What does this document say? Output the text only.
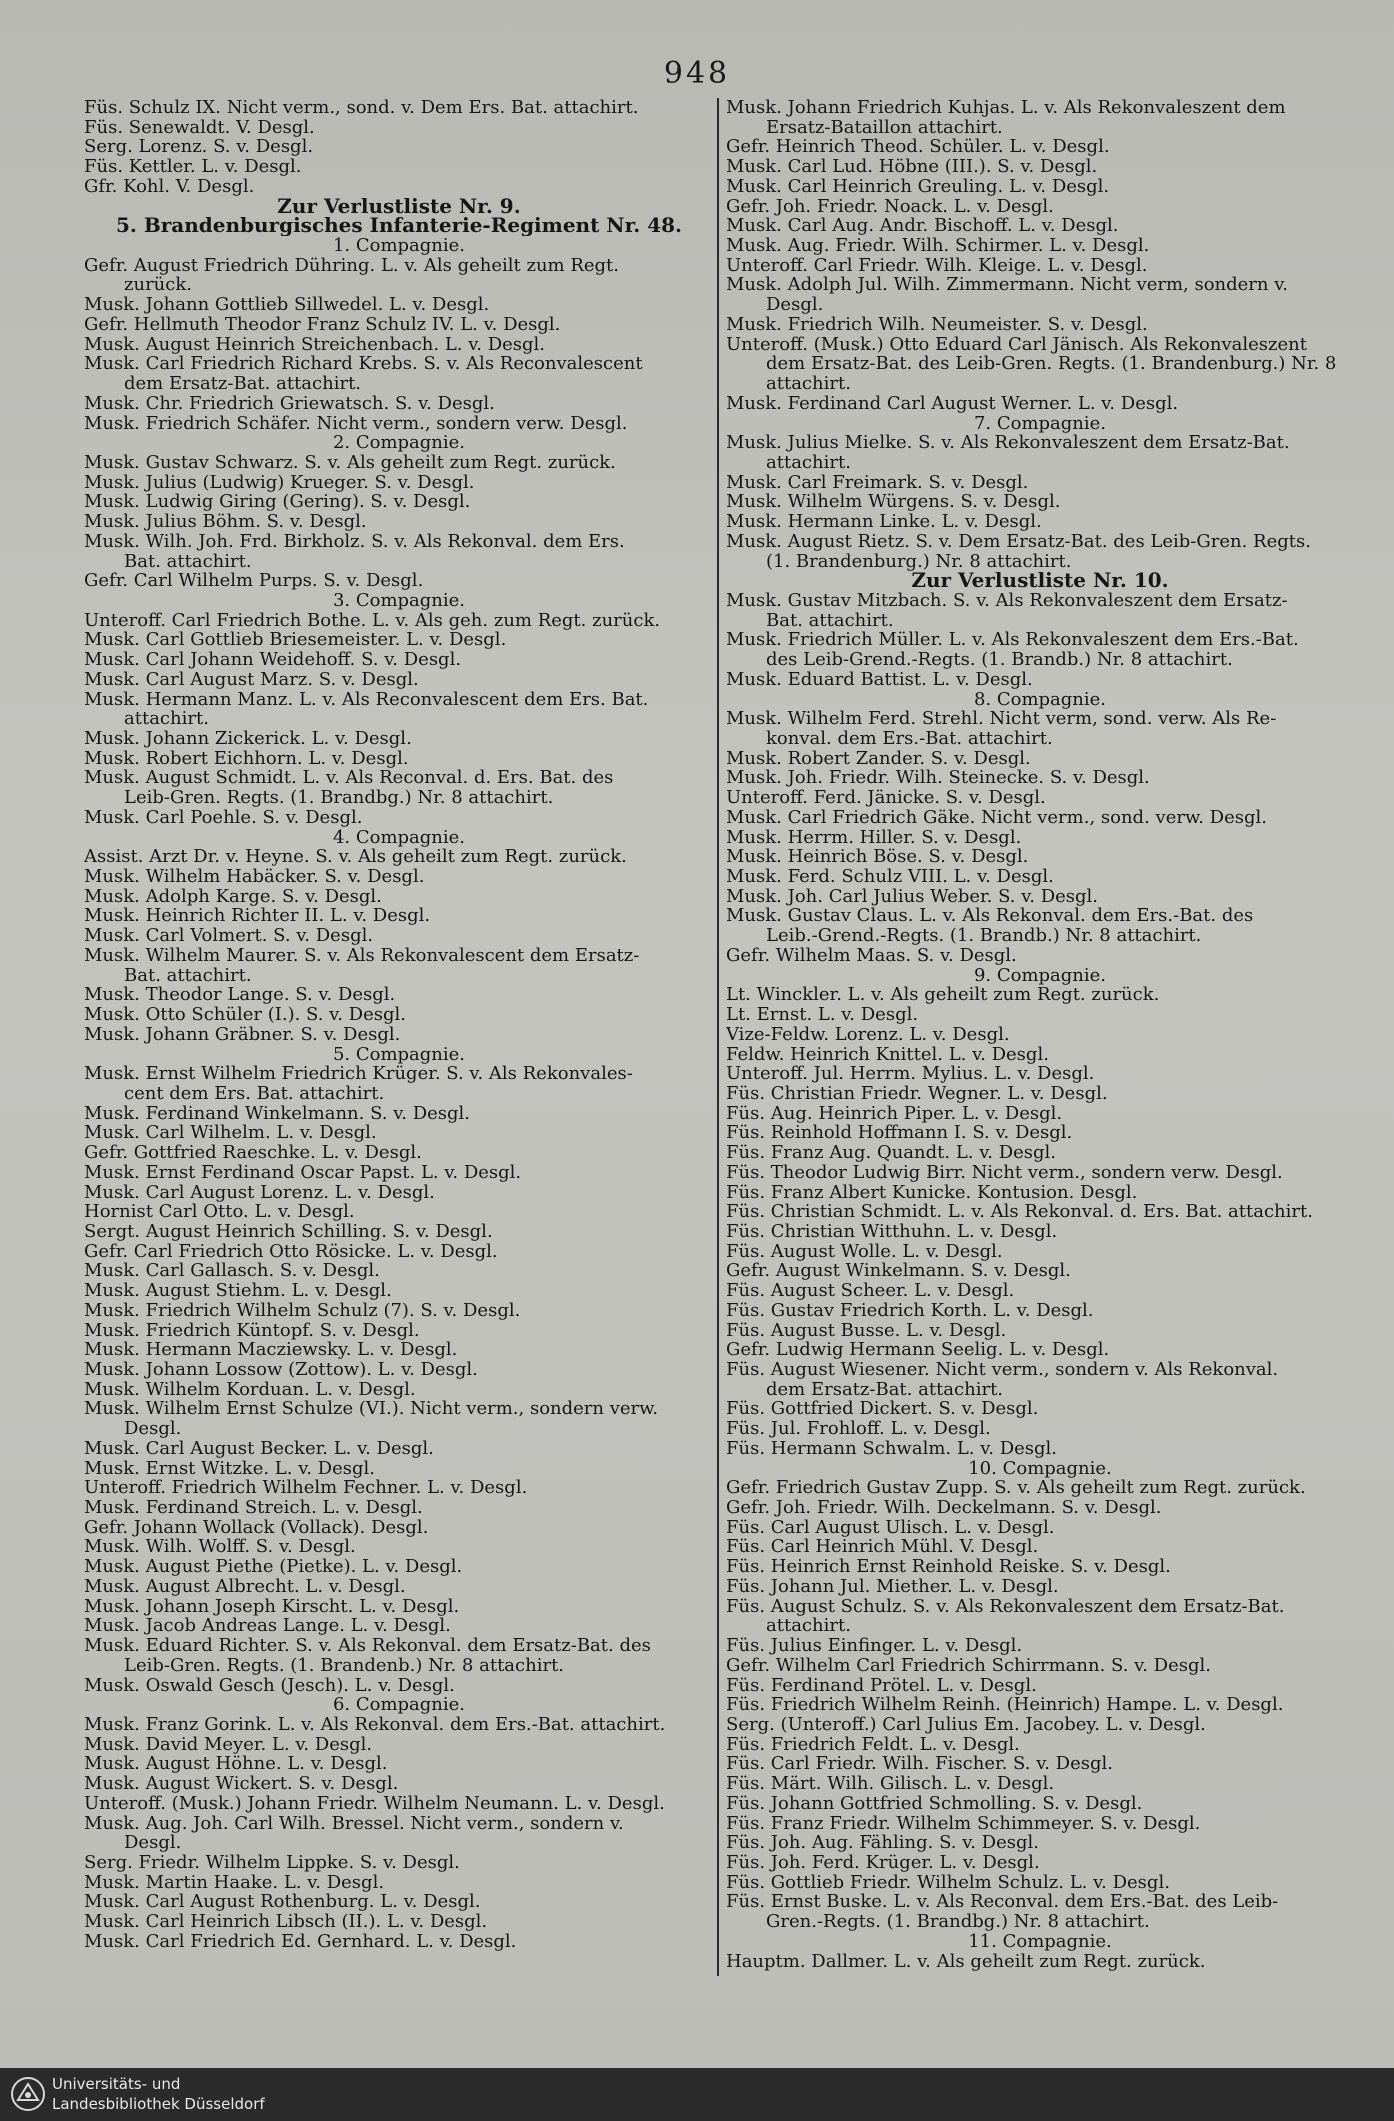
948
Füs. Schulz IX. Nicht verm., sond. v. Dem Ers. Bat. attachirt.
Füs. Senewaldt. V. Desgl.
Serg. Lorenz. S. v. Desgl.
Füs. Kettler. L. v. Desgl.
Gfr. Kohl. V. Desgl.
Zur Verlustliste Nr. 9.
5. Brandenburgisches Infanterie-Regiment Nr. 48.
1. Compagnie.
Gefr. August Friedrich Dühring. L. v. Als geheilt zum Regt.
zurück.
Musk. Johann Gottlieb Sillwedel. L. v. Desgl.
Gefr. Hellmuth Theodor Franz Schulz IV. L. v. Desgl.
Musk. August Heinrich Streichenbach. L. v. Desgl.
Musk. Carl Friedrich Richard Krebs. S. v. Als Reconvalescent
dem Ersatz-Bat. attachirt.
Musk. Chr. Friedrich Griewatsch. S. v. Desgl.
Musk. Friedrich Schäfer. Nicht verm., sondern verw. Desgl.
2. Compagnie.
Musk. Gustav Schwarz. S. v. Als geheilt zum Regt. zurück.
Musk. Julius (Ludwig) Krueger. S. v. Desgl.
Musk. Ludwig Giring (Gering). S. v. Desgl.
Musk. Julius Böhm. S. v. Desgl.
Musk. Wilh. Joh. Frd. Birkholz. S. v. Als Rekonval. dem Ers.
Bat. attachirt.
Gefr. Carl Wilhelm Purps. S. v. Desgl.
3. Compagnie.
Unteroff. Carl Friedrich Bothe. L. v. Als geh. zum Regt. zurück.
Musk. Carl Gottlieb Briesemeister. L. v. Desgl.
Musk. Carl Johann Weidehoff. S. v. Desgl.
Musk. Carl August Marz. S. v. Desgl.
Musk. Hermann Manz. L. v. Als Reconvalescent dem Ers. Bat.
attachirt.
Musk. Johann Zickerick. L. v. Desgl.
Musk. Robert Eichhorn. L. v. Desgl.
Musk. August Schmidt. L. v. Als Reconval. d. Ers. Bat. des
Leib-Gren. Regts. (1. Brandbg.) Nr. 8 attachirt.
Musk. Carl Poehle. S. v. Desgl.
4. Compagnie.
Assist. Arzt Dr. v. Heyne. S. v. Als geheilt zum Regt. zurück.
Musk. Wilhelm Habäcker. S. v. Desgl.
Musk. Adolph Karge. S. v. Desgl.
Musk. Heinrich Richter II. L. v. Desgl.
Musk. Carl Volmert. S. v. Desgl.
Musk. Wilhelm Maurer. S. v. Als Rekonvalescent dem Ersatz-
Bat. attachirt.
Musk. Theodor Lange. S. v. Desgl.
Musk. Otto Schüler (I.). S. v. Desgl.
Musk. Johann Gräbner. S. v. Desgl.
5. Compagnie.
Musk. Ernst Wilhelm Friedrich Krüger. S. v. Als Rekonvales-
cent dem Ers. Bat. attachirt.
Musk. Ferdinand Winkelmann. S. v. Desgl.
Musk. Carl Wilhelm. L. v. Desgl.
Gefr. Gottfried Raeschke. L. v. Desgl.
Musk. Ernst Ferdinand Oscar Papst. L. v. Desgl.
Musk. Carl August Lorenz. L. v. Desgl.
Hornist Carl Otto. L. v. Desgl.
Sergt. August Heinrich Schilling. S. v. Desgl.
Gefr. Carl Friedrich Otto Rösicke. L. v. Desgl.
Musk. Carl Gallasch. S. v. Desgl.
Musk. August Stiehm. L. v. Desgl.
Musk. Friedrich Wilhelm Schulz (7). S. v. Desgl.
Musk. Friedrich Küntopf. S. v. Desgl.
Musk. Hermann Macziewsky. L. v. Desgl.
Musk. Johann Lossow (Zottow). L. v. Desgl.
Musk. Wilhelm Korduan. L. v. Desgl.
Musk. Wilhelm Ernst Schulze (VI.). Nicht verm., sondern verw.
Desgl.
Musk. Carl August Becker. L. v. Desgl.
Musk. Ernst Witzke. L. v. Desgl.
Unteroff. Friedrich Wilhelm Fechner. L. v. Desgl.
Musk. Ferdinand Streich. L. v. Desgl.
Gefr. Johann Wollack (Vollack). Desgl.
Musk. Wilh. Wolff. S. v. Desgl.
Musk. August Piethe (Pietke). L. v. Desgl.
Musk. August Albrecht. L. v. Desgl.
Musk. Johann Joseph Kirscht. L. v. Desgl.
Musk. Jacob Andreas Lange. L. v. Desgl.
Musk. Eduard Richter. S. v. Als Rekonval. dem Ersatz-Bat. des
Leib-Gren. Regts. (1. Brandenb.) Nr. 8 attachirt.
Musk. Oswald Gesch (Jesch). L. v. Desgl.
6. Compagnie.
Musk. Franz Gorink. L. v. Als Rekonval. dem Ers.-Bat. attachirt.
Musk. David Meyer. L. v. Desgl.
Musk. August Höhne. L. v. Desgl.
Musk. August Wickert. S. v. Desgl.
Unteroff. (Musk.) Johann Friedr. Wilhelm Neumann. L. v. Desgl.
Musk. Aug. Joh. Carl Wilh. Bressel. Nicht verm., sondern v.
Desgl.
Serg. Friedr. Wilhelm Lippke. S. v. Desgl.
Musk. Martin Haake. L. v. Desgl.
Musk. Carl August Rothenburg. L. v. Desgl.
Musk. Carl Heinrich Libsch (II.). L. v. Desgl.
Musk. Carl Friedrich Ed. Gernhard. L. v. Desgl.
Musk. Johann Friedrich Kuhjas. L. v. Als Rekonvaleszent dem
Ersatz-Bataillon attachirt.
Gefr. Heinrich Theod. Schüler. L. v. Desgl.
Musk. Carl Lud. Höbne (III.). S. v. Desgl.
Musk. Carl Heinrich Greuling. L. v. Desgl.
Gefr. Joh. Friedr. Noack. L. v. Desgl.
Musk. Carl Aug. Andr. Bischoff. L. v. Desgl.
Musk. Aug. Friedr. Wilh. Schirmer. L. v. Desgl.
Unteroff. Carl Friedr. Wilh. Kleige. L. v. Desgl.
Musk. Adolph Jul. Wilh. Zimmermann. Nicht verm, sondern v.
Desgl.
Musk. Friedrich Wilh. Neumeister. S. v. Desgl.
Unteroff. (Musk.) Otto Eduard Carl Jänisch. Als Rekonvaleszent
dem Ersatz-Bat. des Leib-Gren. Regts. (1. Brandenburg.) Nr. 8
attachirt.
Musk. Ferdinand Carl August Werner. L. v. Desgl.
7. Compagnie.
Musk. Julius Mielke. S. v. Als Rekonvaleszent dem Ersatz-Bat.
attachirt.
Musk. Carl Freimark. S. v. Desgl.
Musk. Wilhelm Würgens. S. v. Desgl.
Musk. Hermann Linke. L. v. Desgl.
Musk. August Rietz. S. v. Dem Ersatz-Bat. des Leib-Gren. Regts.
(1. Brandenburg.) Nr. 8 attachirt.
Zur Verlustliste Nr. 10.
Musk. Gustav Mitzbach. S. v. Als Rekonvaleszent dem Ersatz-
Bat. attachirt.
Musk. Friedrich Müller. L. v. Als Rekonvaleszent dem Ers.-Bat.
des Leib-Grend.-Regts. (1. Brandb.) Nr. 8 attachirt.
Musk. Eduard Battist. L. v. Desgl.
8. Compagnie.
Musk. Wilhelm Ferd. Strehl. Nicht verm, sond. verw. Als Re-
konval. dem Ers.-Bat. attachirt.
Musk. Robert Zander. S. v. Desgl.
Musk. Joh. Friedr. Wilh. Steinecke. S. v. Desgl.
Unteroff. Ferd. Jänicke. S. v. Desgl.
Musk. Carl Friedrich Gäke. Nicht verm., sond. verw. Desgl.
Musk. Herrm. Hiller. S. v. Desgl.
Musk. Heinrich Böse. S. v. Desgl.
Musk. Ferd. Schulz VIII. L. v. Desgl.
Musk. Joh. Carl Julius Weber. S. v. Desgl.
Musk. Gustav Claus. L. v. Als Rekonval. dem Ers.-Bat. des
Leib.-Grend.-Regts. (1. Brandb.) Nr. 8 attachirt.
Gefr. Wilhelm Maas. S. v. Desgl.
9. Compagnie.
Lt. Winckler. L. v. Als geheilt zum Regt. zurück.
Lt. Ernst. L. v. Desgl.
Vize-Feldw. Lorenz. L. v. Desgl.
Feldw. Heinrich Knittel. L. v. Desgl.
Unteroff. Jul. Herrm. Mylius. L. v. Desgl.
Füs. Christian Friedr. Wegner. L. v. Desgl.
Füs. Aug. Heinrich Piper. L. v. Desgl.
Füs. Reinhold Hoffmann I. S. v. Desgl.
Füs. Franz Aug. Quandt. L. v. Desgl.
Füs. Theodor Ludwig Birr. Nicht verm., sondern verw. Desgl.
Füs. Franz Albert Kunicke. Kontusion. Desgl.
Füs. Christian Schmidt. L. v. Als Rekonval. d. Ers. Bat. attachirt.
Füs. Christian Witthuhn. L. v. Desgl.
Füs. August Wolle. L. v. Desgl.
Gefr. August Winkelmann. S. v. Desgl.
Füs. August Scheer. L. v. Desgl.
Füs. Gustav Friedrich Korth. L. v. Desgl.
Füs. August Busse. L. v. Desgl.
Gefr. Ludwig Hermann Seelig. L. v. Desgl.
Füs. August Wiesener. Nicht verm., sondern v. Als Rekonval.
dem Ersatz-Bat. attachirt.
Füs. Gottfried Dickert. S. v. Desgl.
Füs. Jul. Frohloff. L. v. Desgl.
Füs. Hermann Schwalm. L. v. Desgl.
10. Compagnie.
Gefr. Friedrich Gustav Zupp. S. v. Als geheilt zum Regt. zurück.
Gefr. Joh. Friedr. Wilh. Deckelmann. S. v. Desgl.
Füs. Carl August Ulisch. L. v. Desgl.
Füs. Carl Heinrich Mühl. V. Desgl.
Füs. Heinrich Ernst Reinhold Reiske. S. v. Desgl.
Füs. Johann Jul. Miether. L. v. Desgl.
Füs. August Schulz. S. v. Als Rekonvaleszent dem Ersatz-Bat.
attachirt.
Füs. Julius Einfinger. L. v. Desgl.
Gefr. Wilhelm Carl Friedrich Schirrmann. S. v. Desgl.
Füs. Ferdinand Prötel. L. v. Desgl.
Füs. Friedrich Wilhelm Reinh. (Heinrich) Hampe. L. v. Desgl.
Serg. (Unteroff.) Carl Julius Em. Jacobey. L. v. Desgl.
Füs. Friedrich Feldt. L. v. Desgl.
Füs. Carl Friedr. Wilh. Fischer. S. v. Desgl.
Füs. Märt. Wilh. Gilisch. L. v. Desgl.
Füs. Johann Gottfried Schmolling. S. v. Desgl.
Füs. Franz Friedr. Wilhelm Schimmeyer. S. v. Desgl.
Füs. Joh. Aug. Fähling. S. v. Desgl.
Füs. Joh. Ferd. Krüger. L. v. Desgl.
Füs. Gottlieb Friedr. Wilhelm Schulz. L. v. Desgl.
Füs. Ernst Buske. L. v. Als Reconval. dem Ers.-Bat. des Leib-
Gren.-Regts. (1. Brandbg.) Nr. 8 attachirt.
11. Compagnie.
Hauptm. Dallmer. L. v. Als geheilt zum Regt. zurück.
Universitäts- und
Landesbibliothek Düsseldorf
